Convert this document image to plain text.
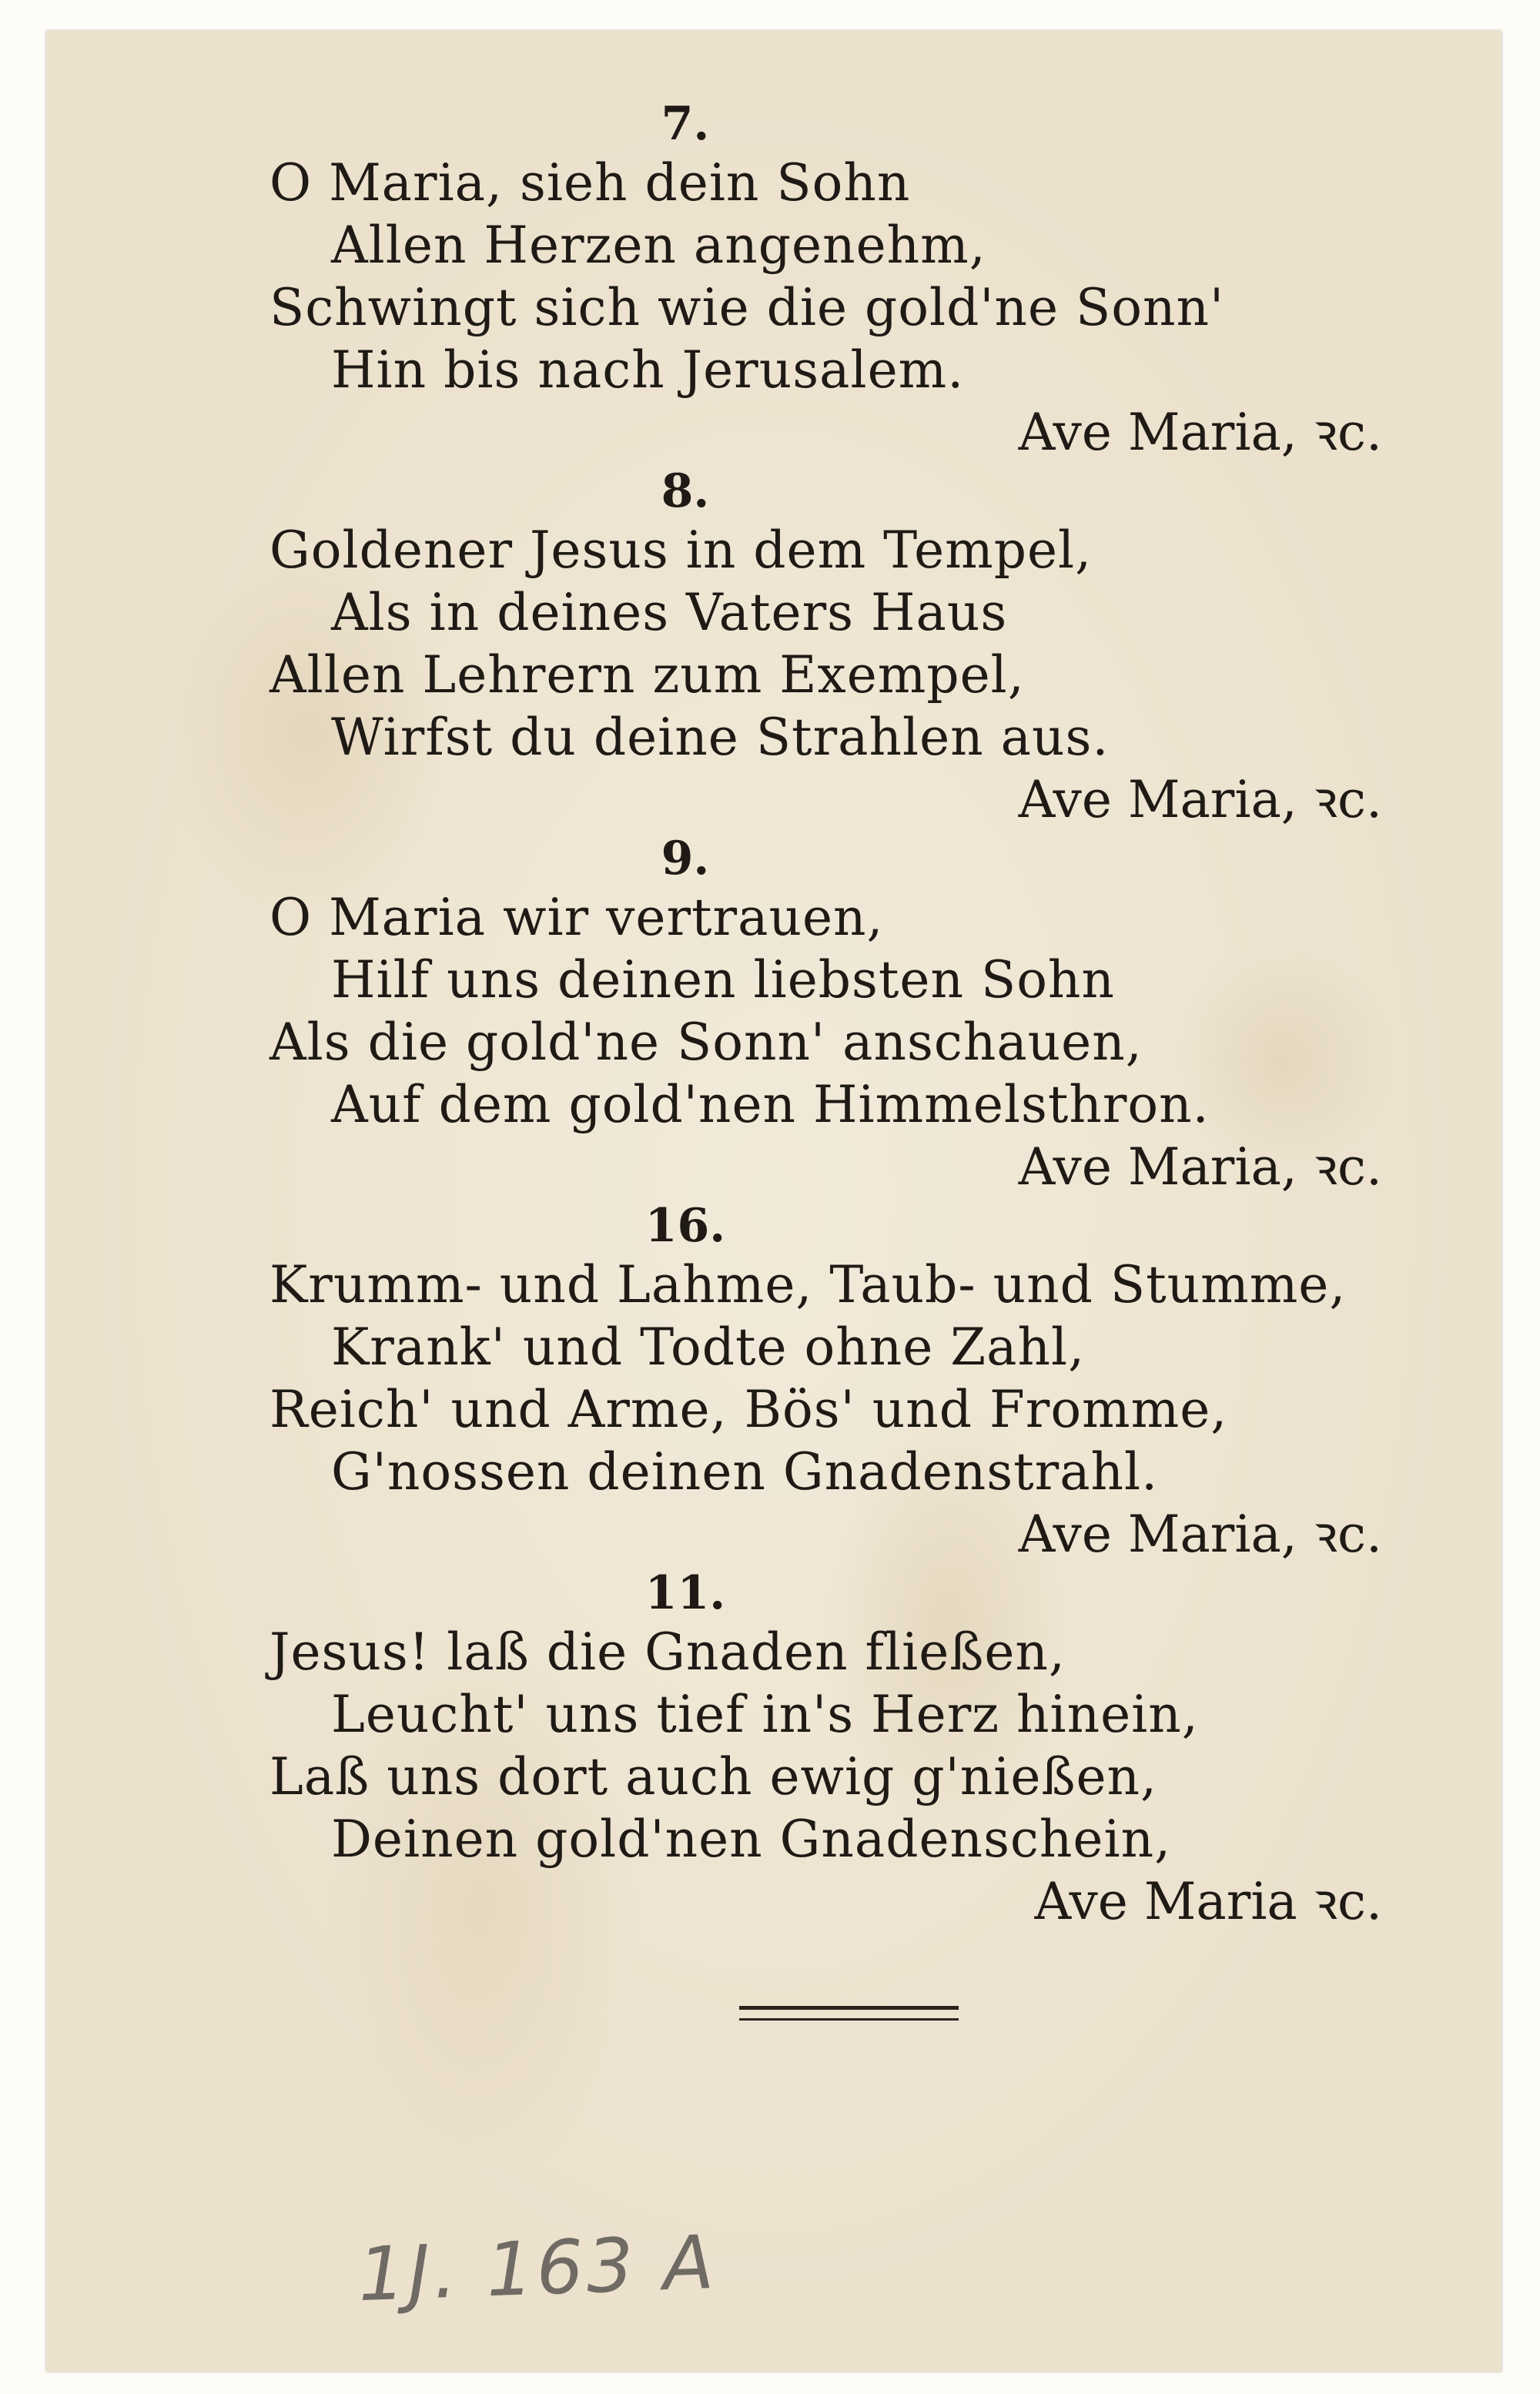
7.

O Maria, sieh dein Sohn

Allen Herzen angenehm,

Schwingt sich wie die gold'ne Sonn'

Hin bis nach Jerusalem.

Ave Maria, ꝛc.

8.

Goldener Jesus in dem Tempel,

Als in deines Vaters Haus

Allen Lehrern zum Exempel,

Wirfst du deine Strahlen aus.

Ave Maria, ꝛc.

9.

O Maria wir vertrauen,

Hilf uns deinen liebsten Sohn

Als die gold'ne Sonn' anschauen,

Auf dem gold'nen Himmelsthron.

Ave Maria, ꝛc.

16.

Krumm- und Lahme, Taub- und Stumme,

Krank' und Todte ohne Zahl,

Reich' und Arme, Bös' und Fromme,

G'nossen deinen Gnadenstrahl.

Ave Maria, ꝛc.

11.

Jesus! laß die Gnaden fließen,

Leucht' uns tief in's Herz hinein,

Laß uns dort auch ewig g'nießen,

Deinen gold'nen Gnadenschein,

Ave Maria ꝛc.

1J. 163 A
